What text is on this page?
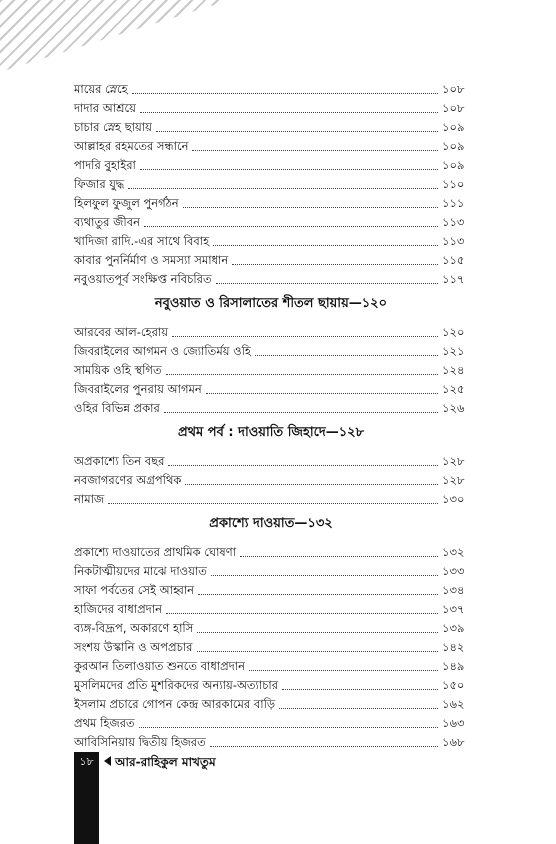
মায়ের স্নেহে	১০৮
দাদার আশ্রয়ে	১০৮
চাচার স্নেহ ছায়ায়	১০৯
আল্লাহর রহমতের সন্ধানে	১০৯
পাদরি বুহাইরা	১০৯
ফিজার যুদ্ধ	১১০
হিলফুল ফুজুল পুনর্গঠন	১১১
ব্যথাতুর জীবন	১১৩
খাদিজা রাদি.-এর সাথে বিবাহ	১১৩
কাবার পুনর্নির্মাণ ও সমস্যা সমাধান	১১৫
নবুওয়াতপূর্ব সংক্ষিপ্ত নবিচরিত	১১৭
নবুওয়াত ও রিসালাতের শীতল ছায়ায়—১২০
আরবের আল-হেরায়	১২০
জিবরাইলের আগমন ও জ্যোতির্ময় ওহি	১২১
সাময়িক ওহি স্থগিত	১২৪
জিবরাইলের পুনরায় আগমন	১২৫
ওহির বিভিন্ন প্রকার	১২৬
প্রথম পর্ব : দাওয়াতি জিহাদে—১২৮
অপ্রকাশ্যে তিন বছর	১২৮
নবজাগরণের অগ্রপথিক	১২৮
নামাজ	১৩০
প্রকাশ্যে দাওয়াত—১৩২
প্রকাশ্যে দাওয়াতের প্রাথমিক ঘোষণা	১৩২
নিকটাত্মীয়দের মাঝে দাওয়াত	১৩৩
সাফা পর্বতের সেই আহ্বান	১৩৪
হাজিদের বাধাপ্রদান	১৩৭
ব্যঙ্গ-বিদ্রূপ, অকারণে হাসি	১৩৯
সংশয় উস্কানি ও অপপ্রচার	১৪২
কুরআন তিলাওয়াত শুনতে বাধাপ্রদান	১৪৯
মুসলিমদের প্রতি মুশরিকদের অন্যায়-অত্যাচার	১৫০
ইসলাম প্রচারে গোপন কেন্দ্র আরকামের বাড়ি	১৬২
প্রথম হিজরত	১৬৩
আবিসিনিয়ায় দ্বিতীয় হিজরত	১৬৮
১৮	আর-রাহিকুল মাখতুম
